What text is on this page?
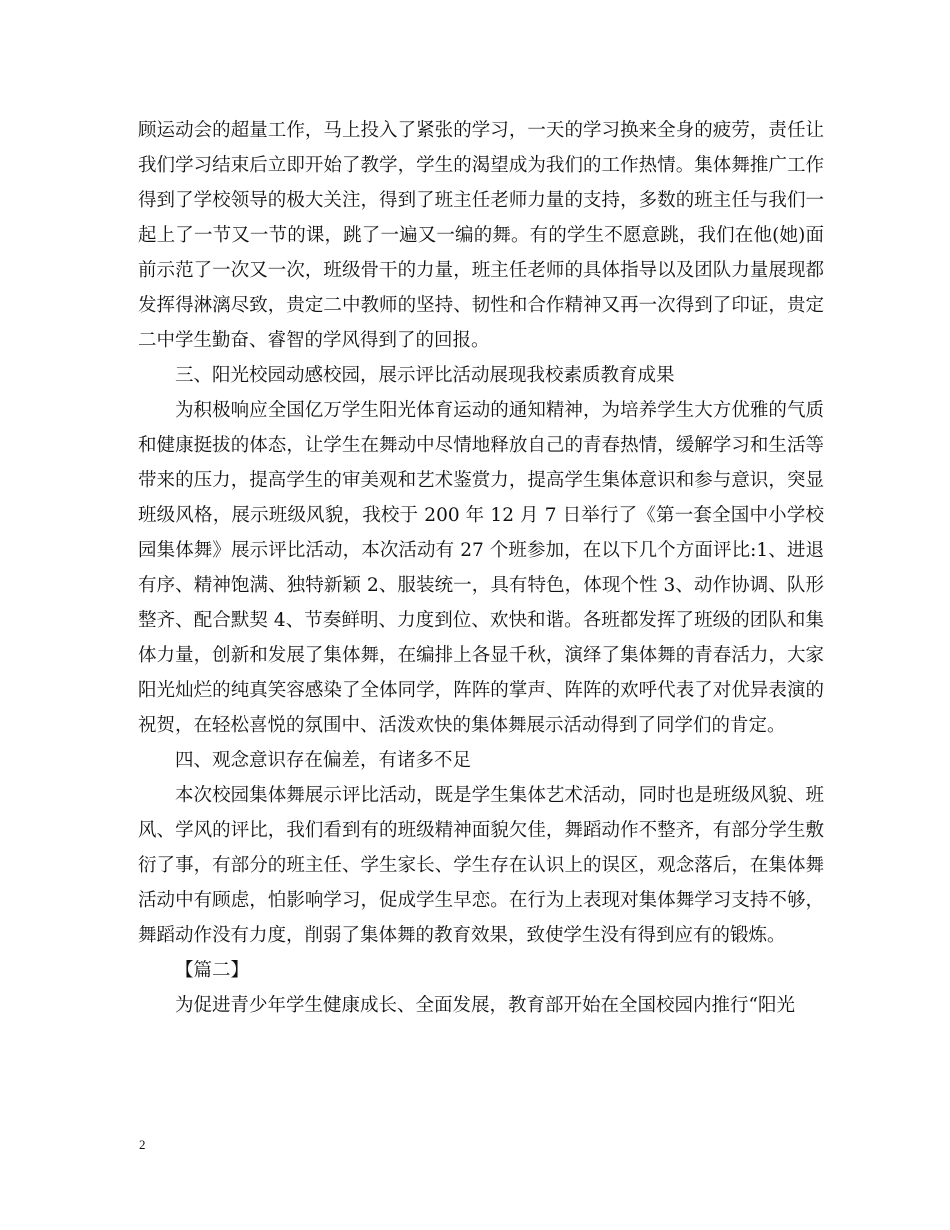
顾运动会的超量工作，马上投入了紧张的学习，一天的学习换来全身的疲劳，责任让我们学习结束后立即开始了教学，学生的渴望成为我们的工作热情。集体舞推广工作得到了学校领导的极大关注，得到了班主任老师力量的支持，多数的班主任与我们一起上了一节又一节的课，跳了一遍又一编的舞。有的学生不愿意跳，我们在他(她)面前示范了一次又一次，班级骨干的力量，班主任老师的具体指导以及团队力量展现都发挥得淋漓尽致，贵定二中教师的坚持、韧性和合作精神又再一次得到了印证，贵定二中学生勤奋、睿智的学风得到了的回报。

三、阳光校园动感校园，展示评比活动展现我校素质教育成果

为积极响应全国亿万学生阳光体育运动的通知精神，为培养学生大方优雅的气质和健康挺拔的体态，让学生在舞动中尽情地释放自己的青春热情，缓解学习和生活等带来的压力，提高学生的审美观和艺术鉴赏力，提高学生集体意识和参与意识，突显班级风格，展示班级风貌，我校于 200 年 12 月 7 日举行了《第一套全国中小学校园集体舞》展示评比活动，本次活动有 27 个班参加，在以下几个方面评比:1、进退有序、精神饱满、独特新颖 2、服装统一，具有特色，体现个性 3、动作协调、队形整齐、配合默契 4、节奏鲜明、力度到位、欢快和谐。各班都发挥了班级的团队和集体力量，创新和发展了集体舞，在编排上各显千秋，演绎了集体舞的青春活力，大家阳光灿烂的纯真笑容感染了全体同学，阵阵的掌声、阵阵的欢呼代表了对优异表演的祝贺，在轻松喜悦的氛围中、活泼欢快的集体舞展示活动得到了同学们的肯定。

四、观念意识存在偏差，有诸多不足

本次校园集体舞展示评比活动，既是学生集体艺术活动，同时也是班级风貌、班风、学风的评比，我们看到有的班级精神面貌欠佳，舞蹈动作不整齐，有部分学生敷衍了事，有部分的班主任、学生家长、学生存在认识上的误区，观念落后，在集体舞活动中有顾虑，怕影响学习，促成学生早恋。在行为上表现对集体舞学习支持不够，舞蹈动作没有力度，削弱了集体舞的教育效果，致使学生没有得到应有的锻炼。

【篇二】

为促进青少年学生健康成长、全面发展，教育部开始在全国校园内推行“阳光

2
